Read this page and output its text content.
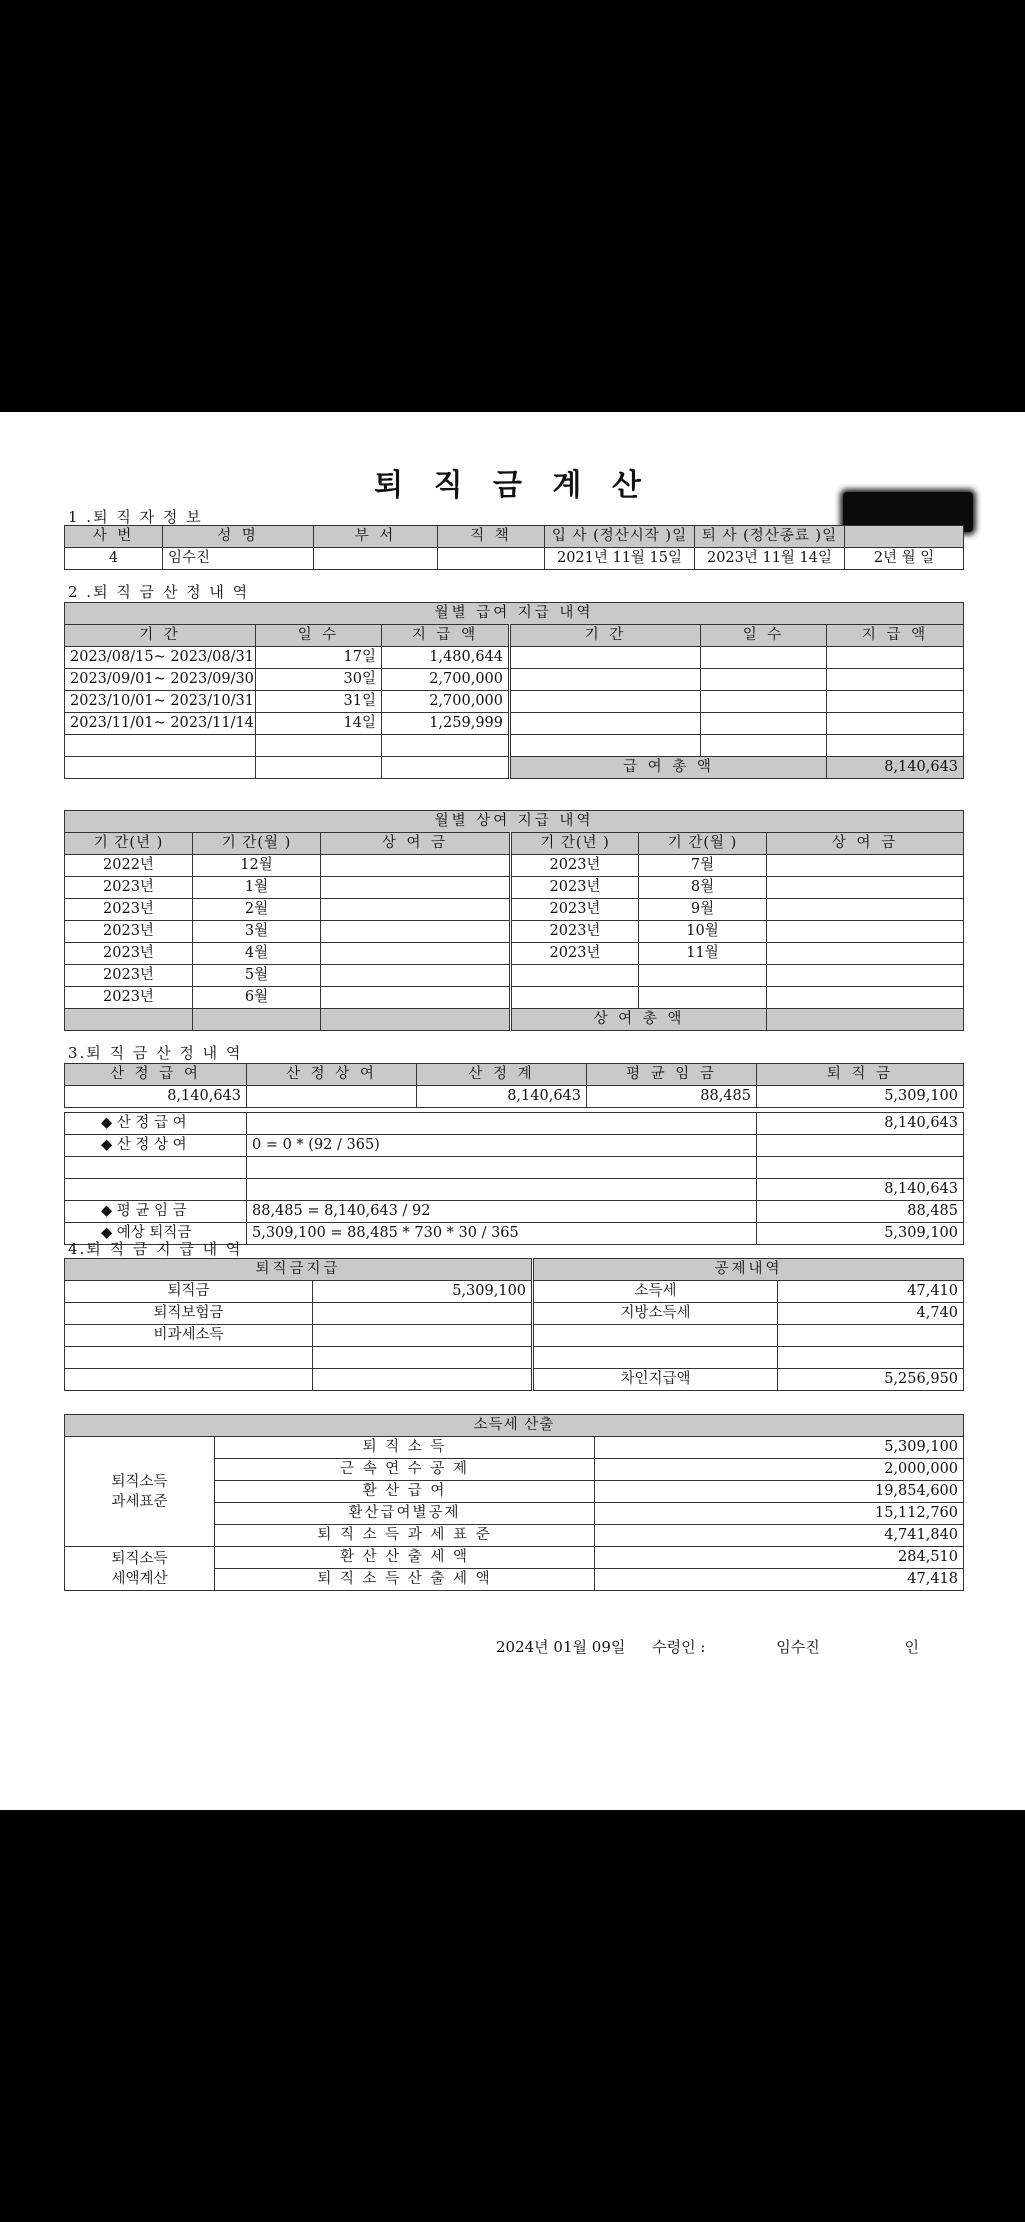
퇴 직 금 계 산
1 .퇴 직 자 정 보
사 번	성 명	부 서	직 책	입 사 (정산시작 )일	퇴 사 (정산종료 )일	
4	임수진			2021년 11월 15일	2023년 11월 14일	2년 월 일
2 .퇴 직 금 산 정 내 역
월별 급여 지급 내역					
기 간	일 수	지 급 액	기 간	일 수	지 급 액
2023/08/15~ 2023/08/31	17일	1,480,644			
2023/09/01~ 2023/09/30	30일	2,700,000			
2023/10/01~ 2023/10/31	31일	2,700,000			
2023/11/01~ 2023/11/14	14일	1,259,999			

			급 여 총 액		8,140,643
월별 상여 지급 내역					
기 간(년 )	기 간(월 )	상 여 금	기 간(년 )	기 간(월 )	상 여 금
2022년	12월		2023년	7월	
2023년	1월		2023년	8월	
2023년	2월		2023년	9월	
2023년	3월		2023년	10월	
2023년	4월		2023년	11월	
2023년	5월				
2023년	6월				
			상 여 총 액		
3.퇴 직 금 산 정 내 역
산 정 급 여	산 정 상 여	산 정 계	평 균 임 금	퇴 직 금
8,140,643		8,140,643	88,485	5,309,100
◆ 산 정 급 여		8,140,643
◆ 산 정 상 여	0 = 0 * (92 / 365)	

		8,140,643
◆ 평 균 임 금	88,485 = 8,140,643 / 92	88,485
◆ 예상 퇴직금	5,309,100 = 88,485 * 730 * 30 / 365	5,309,100
4.퇴 직 금 지 급 내 역
퇴직금지급		공제내역	
퇴직금	5,309,100	소득세	47,410
퇴직보험금		지방소득세	4,740
비과세소득			

		차인지급액	5,256,950
소득세 산출		
퇴직소득
과세표준	퇴 직 소 득	5,309,100
	근 속 연 수 공 제	2,000,000
	환 산 급 여	19,854,600
	환산급여별공제	15,112,760
	퇴 직 소 득 과 세 표 준	4,741,840
퇴직소득
세액계산	환 산 산 출 세 액	284,510
	퇴 직 소 득 산 출 세 액	47,418
2024년 01월 09일 수령인 :	임수진	인
